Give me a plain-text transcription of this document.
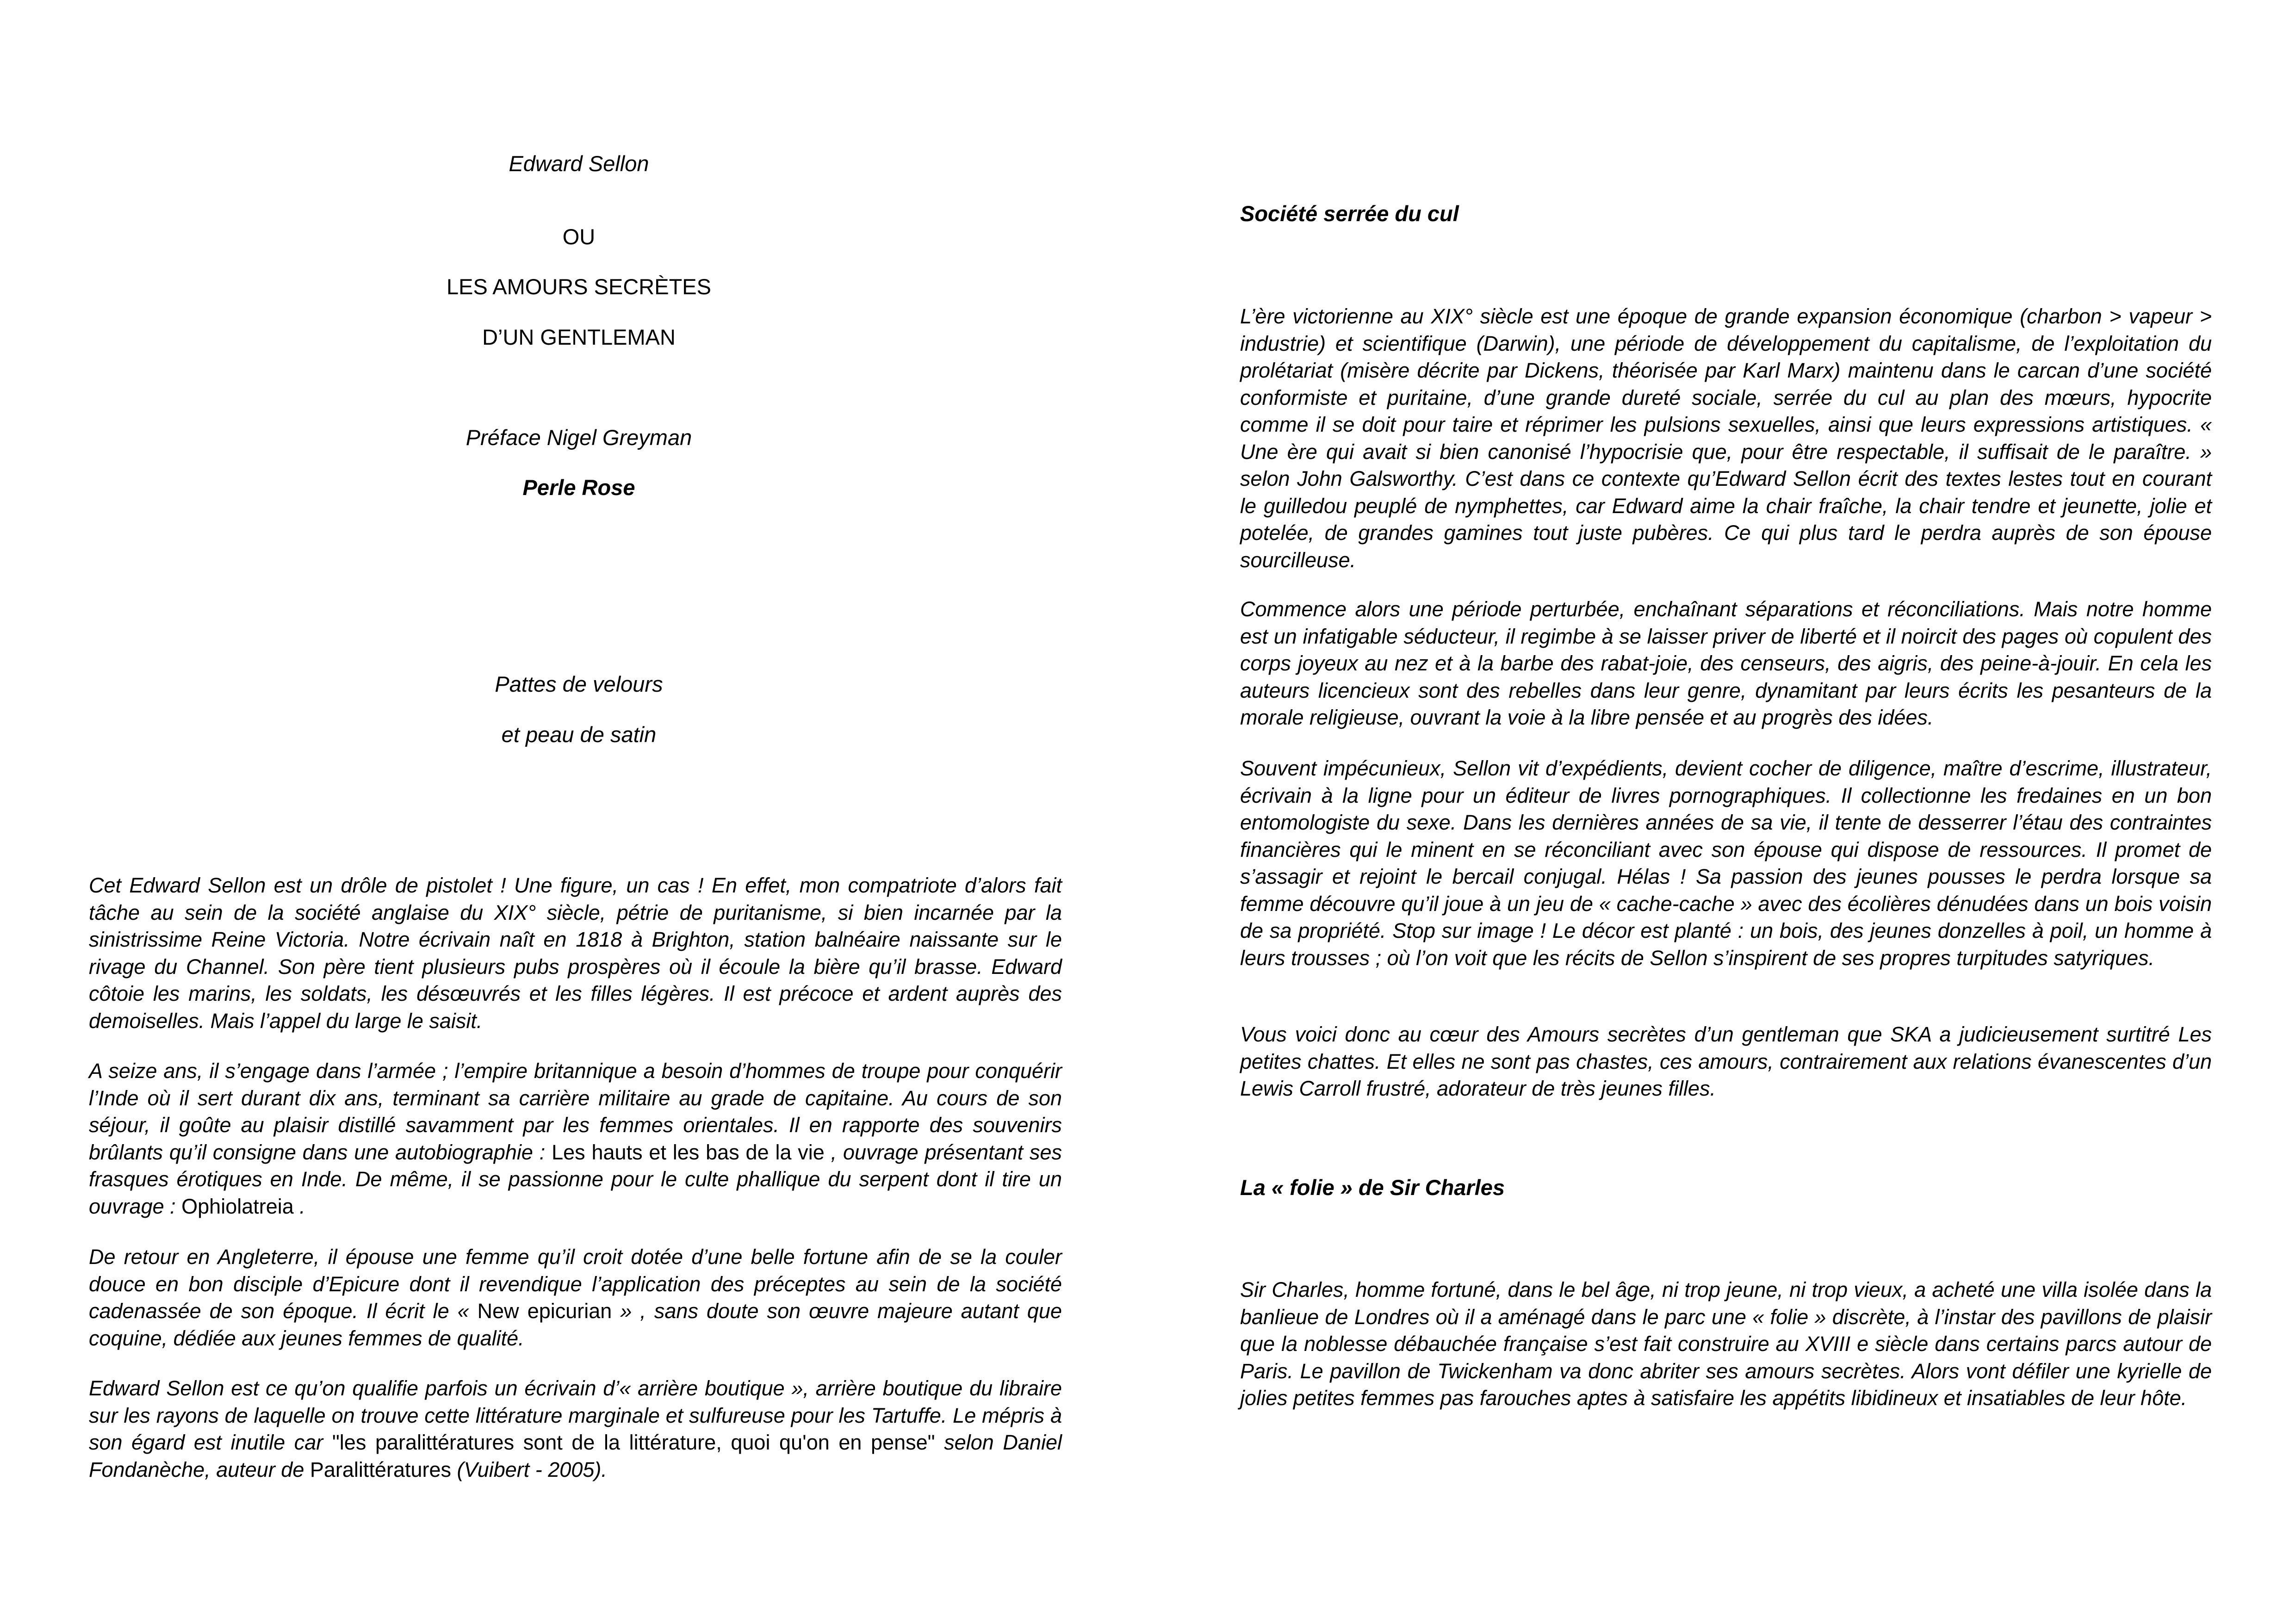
Edward Sellon

OU

LES AMOURS SECRÈTES

D’UN GENTLEMAN

Préface Nigel Greyman

Perle Rose

Pattes de velours

et peau de satin

Cet Edward Sellon est un drôle de pistolet ! Une figure, un cas ! En effet, mon compatriote d’alors fait tâche au sein de la société anglaise du XIX° siècle, pétrie de puritanisme, si bien incarnée par la sinistrissime Reine Victoria. Notre écrivain naît en 1818 à Brighton, station balnéaire naissante sur le rivage du Channel. Son père tient plusieurs pubs prospères où il écoule la bière qu’il brasse. Edward côtoie les marins, les soldats, les désœuvrés et les filles légères. Il est précoce et ardent auprès des demoiselles. Mais l’appel du large le saisit.

A seize ans, il s’engage dans l’armée ; l’empire britannique a besoin d’hommes de troupe pour conquérir l’Inde où il sert durant dix ans, terminant sa carrière militaire au grade de capitaine. Au cours de son séjour, il goûte au plaisir distillé savamment par les femmes orientales. Il en rapporte des souvenirs brûlants qu’il consigne dans une autobiographie : Les hauts et les bas de la vie , ouvrage présentant ses frasques érotiques en Inde. De même, il se passionne pour le culte phallique du serpent dont il tire un ouvrage : Ophiolatreia .

De retour en Angleterre, il épouse une femme qu’il croit dotée d’une belle fortune afin de se la couler douce en bon disciple d’Epicure dont il revendique l’application des préceptes au sein de la société cadenassée de son époque. Il écrit le « New epicurian » , sans doute son œuvre majeure autant que coquine, dédiée aux jeunes femmes de qualité.

Edward Sellon est ce qu’on qualifie parfois un écrivain d’« arrière boutique », arrière boutique du libraire sur les rayons de laquelle on trouve cette littérature marginale et sulfureuse pour les Tartuffe. Le mépris à son égard est inutile car "les paralittératures sont de la littérature, quoi qu'on en pense" selon Daniel Fondanèche, auteur de Paralittératures (Vuibert - 2005).

Société serrée du cul

L’ère victorienne au XIX° siècle est une époque de grande expansion économique (charbon > vapeur > industrie) et scientifique (Darwin), une période de développement du capitalisme, de l’exploitation du prolétariat (misère décrite par Dickens, théorisée par Karl Marx) maintenu dans le carcan d’une société conformiste et puritaine, d’une grande dureté sociale, serrée du cul au plan des mœurs, hypocrite comme il se doit pour taire et réprimer les pulsions sexuelles, ainsi que leurs expressions artistiques. « Une ère qui avait si bien canonisé l’hypocrisie que, pour être respectable, il suffisait de le paraître. » selon John Galsworthy. C’est dans ce contexte qu’Edward Sellon écrit des textes lestes tout en courant le guilledou peuplé de nymphettes, car Edward aime la chair fraîche, la chair tendre et jeunette, jolie et potelée, de grandes gamines tout juste pubères. Ce qui plus tard le perdra auprès de son épouse sourcilleuse.

Commence alors une période perturbée, enchaînant séparations et réconciliations. Mais notre homme est un infatigable séducteur, il regimbe à se laisser priver de liberté et il noircit des pages où copulent des corps joyeux au nez et à la barbe des rabat-joie, des censeurs, des aigris, des peine-à-jouir. En cela les auteurs licencieux sont des rebelles dans leur genre, dynamitant par leurs écrits les pesanteurs de la morale religieuse, ouvrant la voie à la libre pensée et au progrès des idées.

Souvent impécunieux, Sellon vit d’expédients, devient cocher de diligence, maître d’escrime, illustrateur, écrivain à la ligne pour un éditeur de livres pornographiques. Il collectionne les fredaines en un bon entomologiste du sexe. Dans les dernières années de sa vie, il tente de desserrer l’étau des contraintes financières qui le minent en se réconciliant avec son épouse qui dispose de ressources. Il promet de s’assagir et rejoint le bercail conjugal. Hélas ! Sa passion des jeunes pousses le perdra lorsque sa femme découvre qu’il joue à un jeu de « cache-cache » avec des écolières dénudées dans un bois voisin de sa propriété. Stop sur image ! Le décor est planté : un bois, des jeunes donzelles à poil, un homme à leurs trousses ; où l’on voit que les récits de Sellon s’inspirent de ses propres turpitudes satyriques.

Vous voici donc au cœur des Amours secrètes d’un gentleman que SKA a judicieusement surtitré Les petites chattes. Et elles ne sont pas chastes, ces amours, contrairement aux relations évanescentes d’un Lewis Carroll frustré, adorateur de très jeunes filles.

La « folie » de Sir Charles

Sir Charles, homme fortuné, dans le bel âge, ni trop jeune, ni trop vieux, a acheté une villa isolée dans la banlieue de Londres où il a aménagé dans le parc une « folie » discrète, à l’instar des pavillons de plaisir que la noblesse débauchée française s’est fait construire au XVIII e siècle dans certains parcs autour de Paris. Le pavillon de Twickenham va donc abriter ses amours secrètes. Alors vont défiler une kyrielle de jolies petites femmes pas farouches aptes à satisfaire les appétits libidineux et insatiables de leur hôte.
